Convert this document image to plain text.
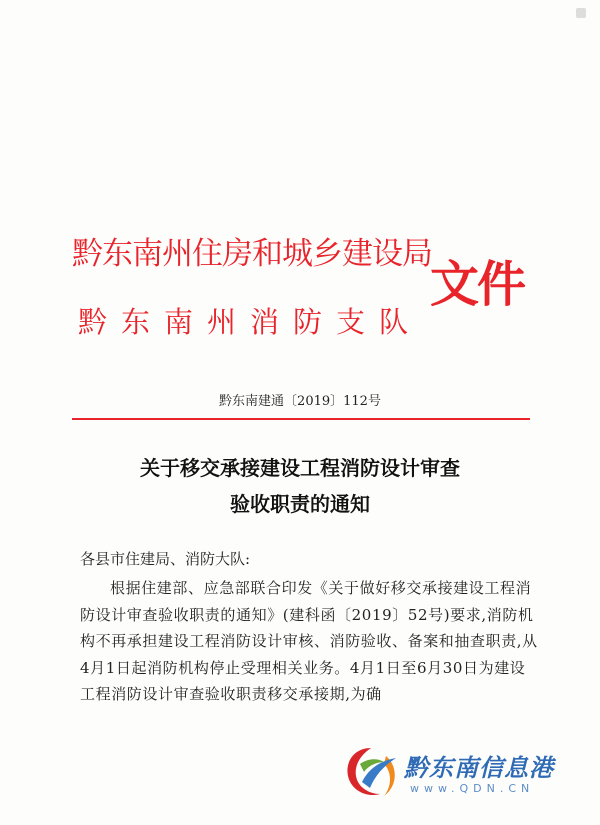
黔东南州住房和城乡建设局
黔东南州消防支队
文件
黔东南建通〔2019〕112号
关于移交承接建设工程消防设计审查
验收职责的通知
各县市住建局、消防大队:
根据住建部、应急部联合印发《关于做好移交承接建设工程消防设计审查验收职责的通知》(建科函〔2019〕52号)要求,消防机构不再承担建设工程消防设计审核、消防验收、备案和抽查职责,从4月1日起消防机构停止受理相关业务。4月1日至6月30日为建设工程消防设计审查验收职责移交承接期,为确
黔东南信息港
www.QDN.CN
